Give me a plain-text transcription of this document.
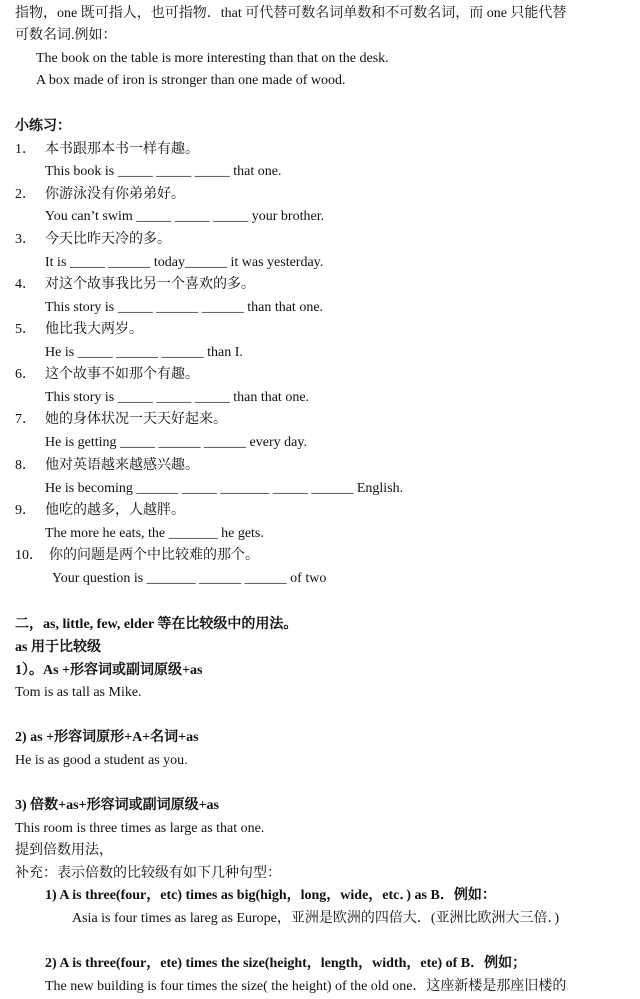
指物，one 既可指人，也可指物．that 可代替可数名词单数和不可数名词，而 one 只能代替
可数名词.例如：
The book on the table is more interesting than that on the desk.
A box made of iron is stronger than one made of wood.
小练习：
1． 本书跟那本书一样有趣。
This book is _____ _____ _____ that one.
2． 你游泳没有你弟弟好。
You can’t swim _____ _____ _____ your brother.
3． 今天比昨天冷的多。
It is _____ ______ today______ it was yesterday.
4． 对这个故事我比另一个喜欢的多。
This story is _____ ______ ______ than that one.
5． 他比我大两岁。
He is _____ ______ ______ than I.
6． 这个故事不如那个有趣。
This story is _____ _____ _____ than that one.
7． 她的身体状况一天天好起来。
He is getting _____ ______ ______ every day.
8． 他对英语越来越感兴趣。
He is becoming ______ _____ _______ _____ ______ English.
9． 他吃的越多，人越胖。
The more he eats, the _______ he gets.
10． 你的问题是两个中比较难的那个。
Your question is _______ ______ ______ of two
二，as, little, few, elder 等在比较级中的用法。
as 用于比较级
1）。As +形容词或副词原级+as
Tom is as tall as Mike.
2) as +形容词原形+A+名词+as
He is as good a student as you.
3) 倍数+as+形容词或副词原级+as
This room is three times as large as that one.
提到倍数用法，
补充：表示倍数的比较级有如下几种句型：
1) A is three(four，etc) times as big(high，long，wide，etc．) as B．例如：
Asia is four times as lareg as Europe，亚洲是欧洲的四倍大．(亚洲比欧洲大三倍．)
2) A is three(four，ete) times the size(height，length，width，ete) of B．例如；
The new building is four times the size( the height) of the old one．这座新楼是那座旧楼的
